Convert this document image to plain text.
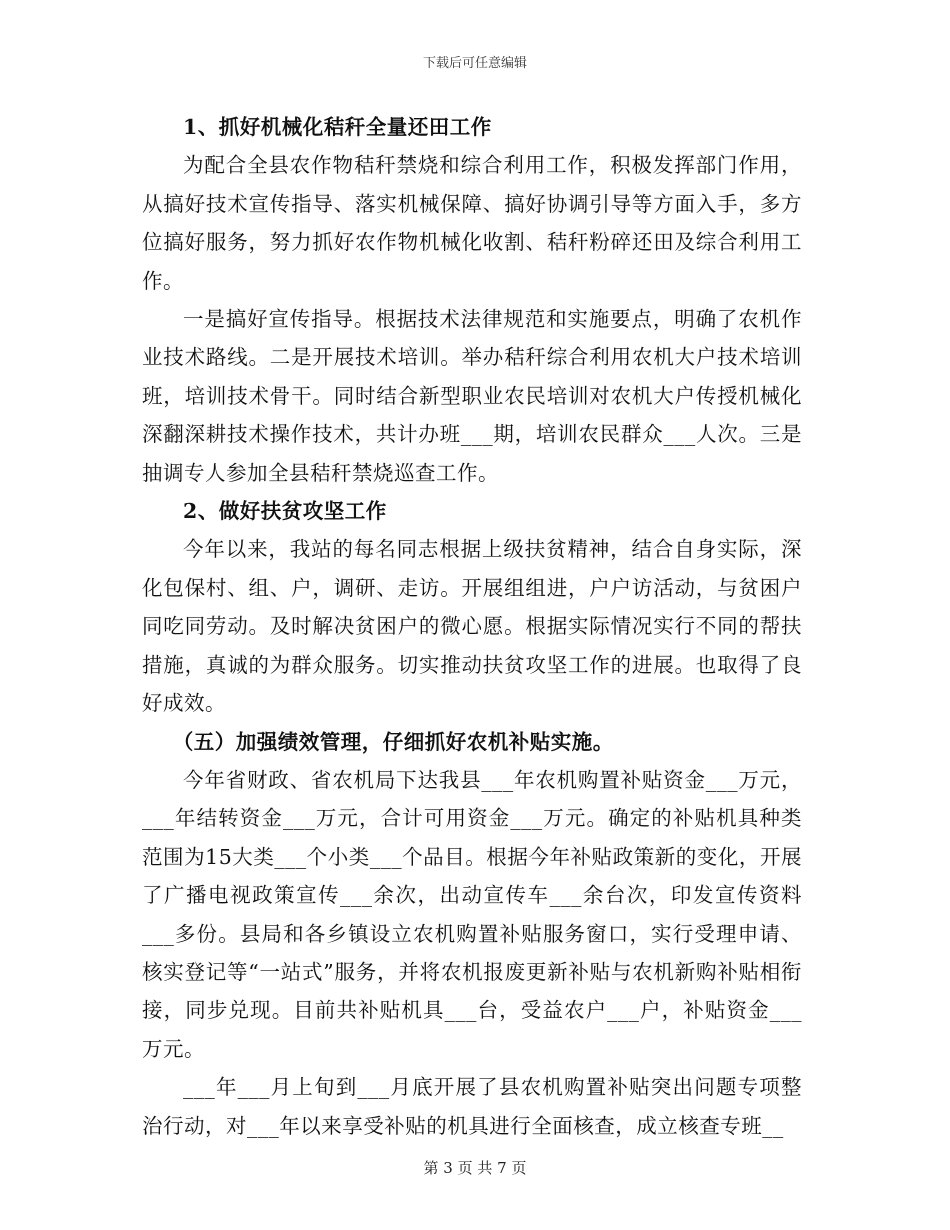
下载后可任意编辑

1、抓好机械化秸秆全量还田工作

为配合全县农作物秸秆禁烧和综合利用工作，积极发挥部门作用，从搞好技术宣传指导、落实机械保障、搞好协调引导等方面入手，多方位搞好服务，努力抓好农作物机械化收割、秸秆粉碎还田及综合利用工作。

一是搞好宣传指导。根据技术法律规范和实施要点，明确了农机作业技术路线。二是开展技术培训。举办秸秆综合利用农机大户技术培训班，培训技术骨干。同时结合新型职业农民培训对农机大户传授机械化深翻深耕技术操作技术，共计办班___期，培训农民群众___人次。三是抽调专人参加全县秸秆禁烧巡查工作。

2、做好扶贫攻坚工作

今年以来，我站的每名同志根据上级扶贫精神，结合自身实际，深化包保村、组、户，调研、走访。开展组组进，户户访活动，与贫困户同吃同劳动。及时解决贫困户的微心愿。根据实际情况实行不同的帮扶措施，真诚的为群众服务。切实推动扶贫攻坚工作的进展。也取得了良好成效。

（五）加强绩效管理，仔细抓好农机补贴实施。

今年省财政、省农机局下达我县___年农机购置补贴资金___万元，___年结转资金___万元，合计可用资金___万元。确定的补贴机具种类范围为15大类___个小类___个品目。根据今年补贴政策新的变化，开展了广播电视政策宣传___余次，出动宣传车___余台次，印发宣传资料___多份。县局和各乡镇设立农机购置补贴服务窗口，实行受理申请、核实登记等“一站式”服务，并将农机报废更新补贴与农机新购补贴相衔接，同步兑现。目前共补贴机具___台，受益农户___户，补贴资金___万元。

___年___月上旬到___月底开展了县农机购置补贴突出问题专项整治行动，对___年以来享受补贴的机具进行全面核查，成立核查专班__

第 3 页 共 7 页
